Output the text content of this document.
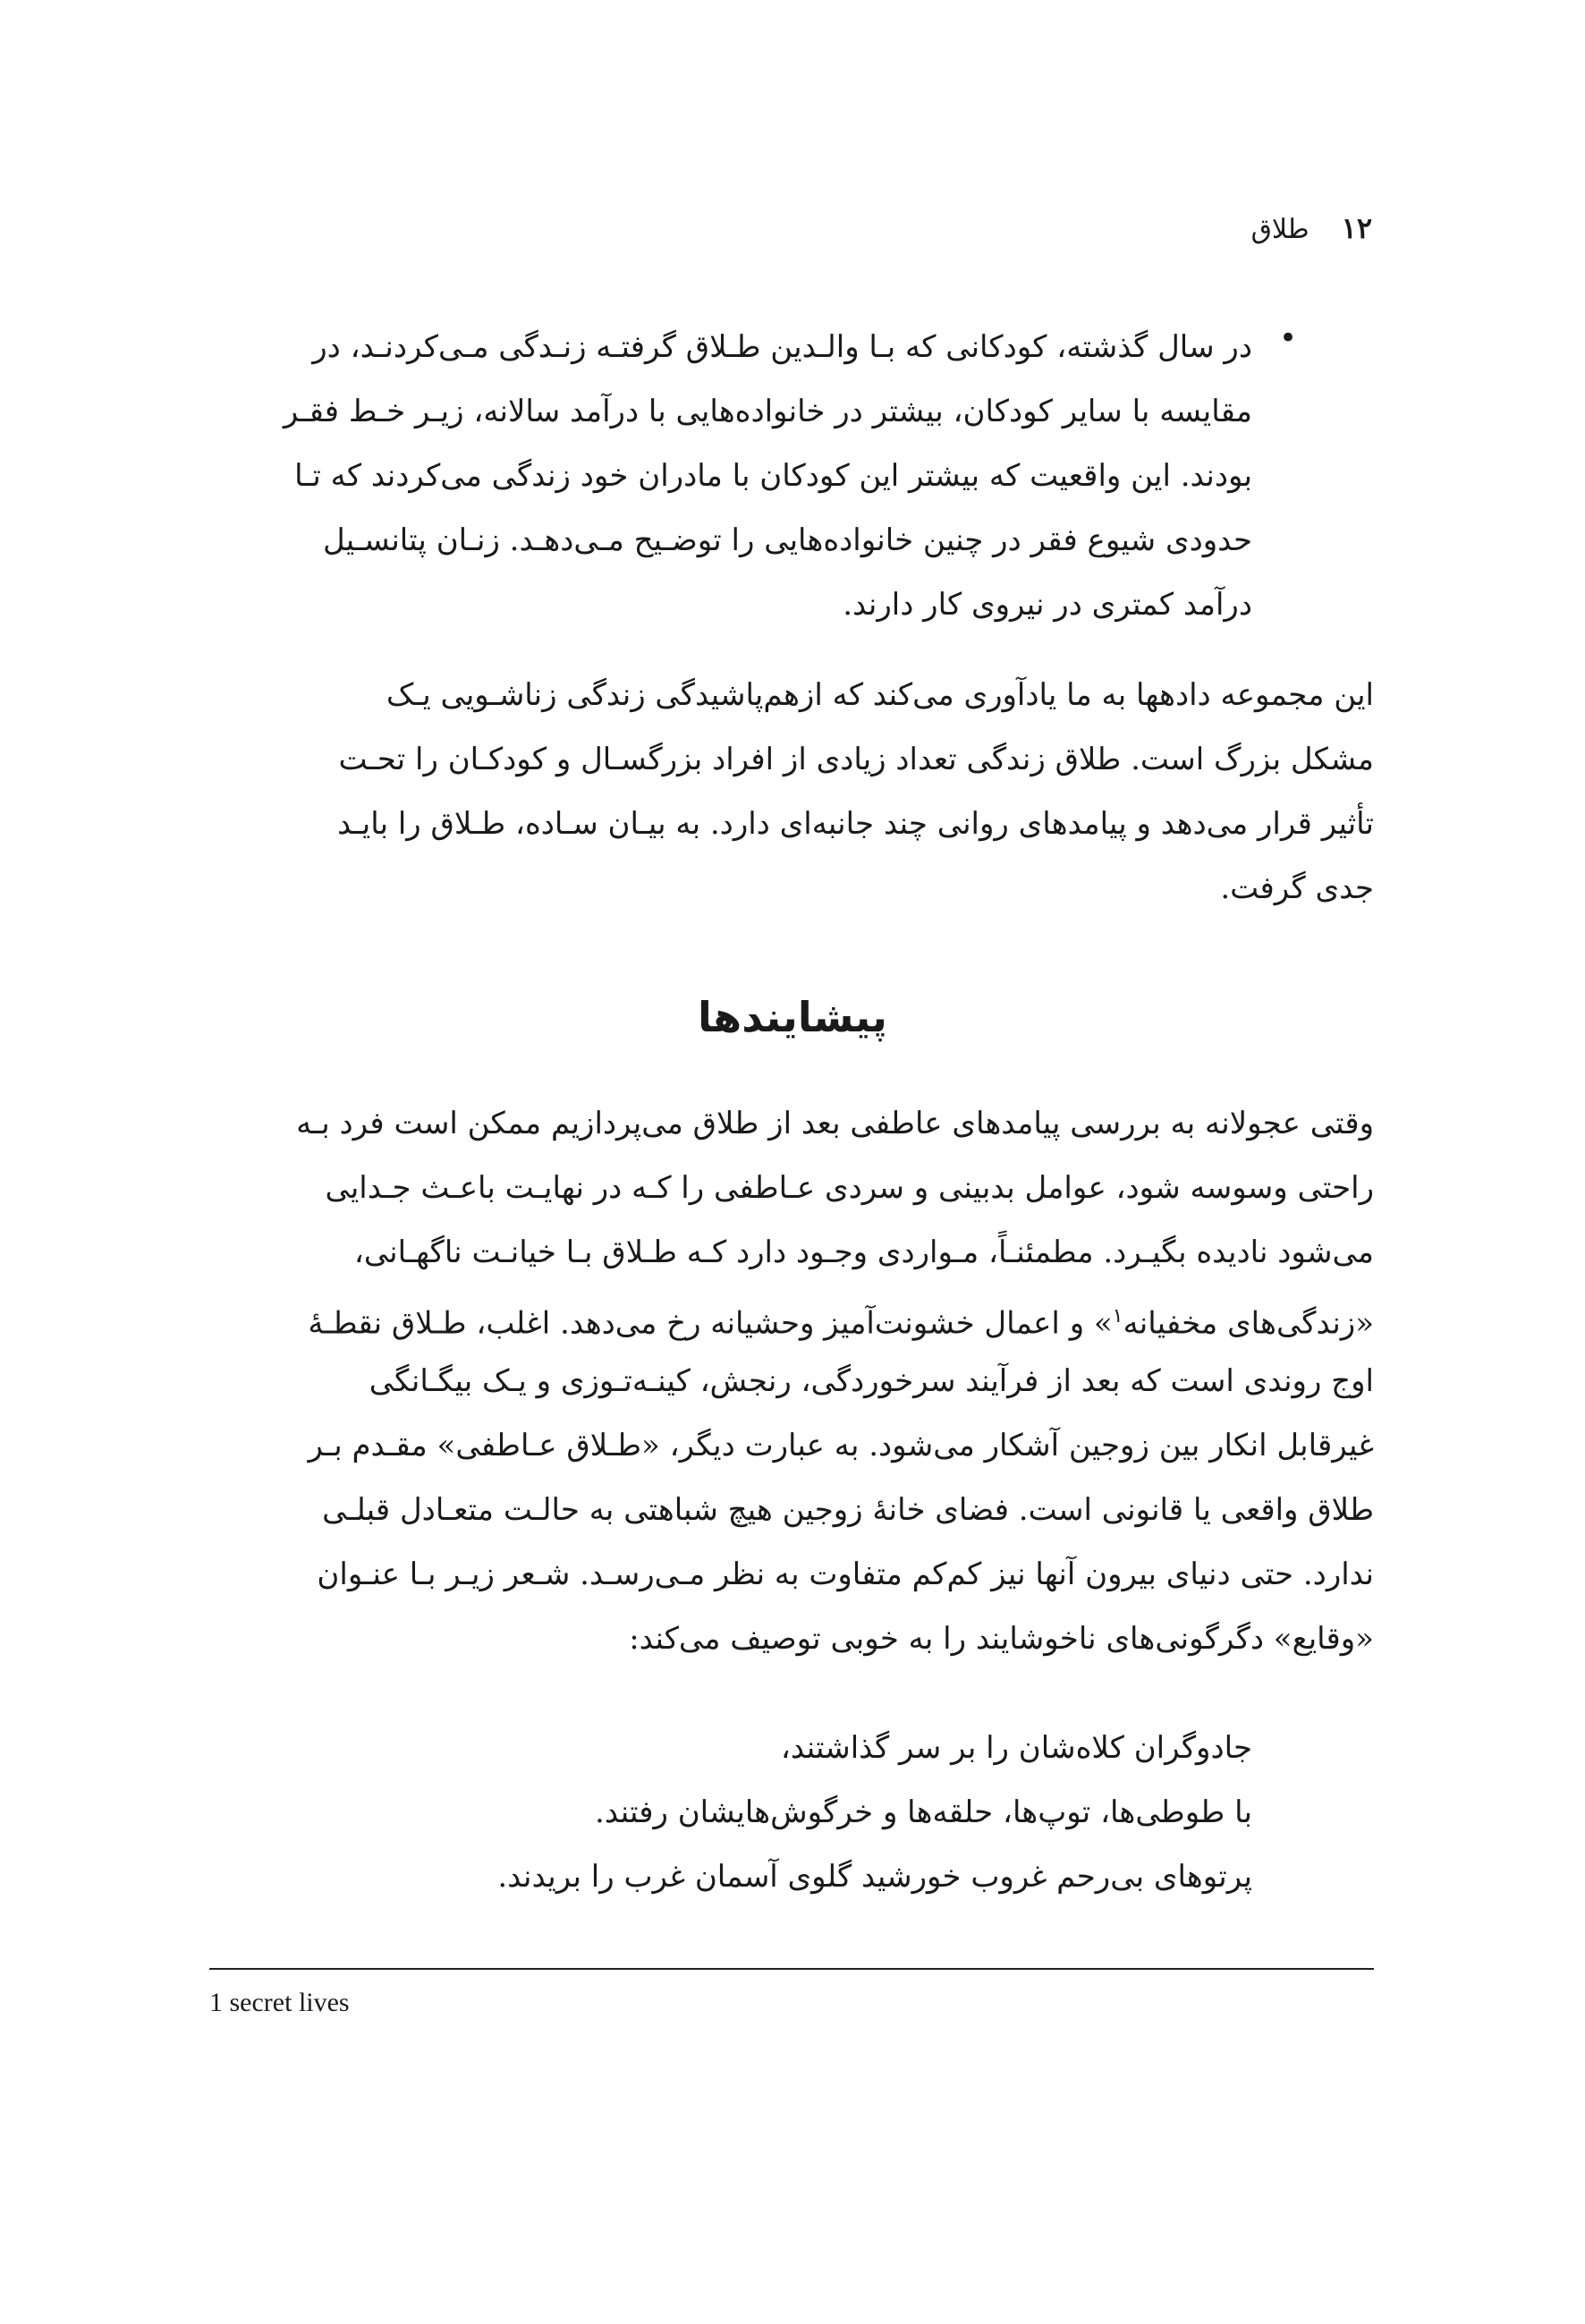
۱۲
طلاق
•
در سال گذشته، کودکانی که بـا والـدین طـلاق گرفتـه زنـدگی مـی‌کردنـد، در
مقایسه با سایر کودکان، بیشتر در خانواده‌هایی با درآمد سالانه، زیـر خـط فقـر
بودند. این واقعیت که بیشتر این کودکان با مادران خود زندگی می‌کردند که تـا
حدودی شیوع فقر در چنین خانواده‌هایی را توضـیح مـی‌دهـد. زنـان پتانسـیل
درآمد کمتری در نیروی کار دارند.
این مجموعه دادهها به ما یادآوری می‌کند که ازهم‌پاشیدگی زندگی زناشـویی یـک
مشکل بزرگ است. طلاق زندگی تعداد زیادی از افراد بزرگسـال و کودکـان را تحـت
تأثیر قرار می‌دهد و پیامدهای روانی چند جانبه‌ای دارد. به بیـان سـاده، طـلاق را بایـد
جدی گرفت.
پیشایندها
وقتی عجولانه به بررسی پیامدهای عاطفی بعد از طلاق می‌پردازیم ممکن است فرد بـه
راحتی وسوسه شود، عوامل بدبینی و سردی عـاطفی را کـه در نهایـت باعـث جـدایی
می‌شود نادیده بگیـرد. مطمئنـاً، مـواردی وجـود دارد کـه طـلاق بـا خیانـت ناگهـانی،
«زندگی‌های مخفیانه$^۱$» و اعمال خشونت‌آمیز وحشیانه رخ می‌دهد. اغلب، طـلاق نقطـهٔ
اوج روندی است که بعد از فرآیند سرخوردگی، رنجش، کینـه‌تـوزی و یـک بیگـانگی
غیرقابل انکار بین زوجین آشکار می‌شود. به عبارت دیگر، «طـلاق عـاطفی» مقـدم بـر
طلاق واقعی یا قانونی است. فضای خانهٔ زوجین هیچ شباهتی به حالـت متعـادل قبلـی
ندارد. حتی دنیای بیرون آنها نیز کم‌کم متفاوت به نظر مـی‌رسـد. شـعر زیـر بـا عنـوان
«وقایع» دگرگونی‌های ناخوشایند را به خوبی توصیف می‌کند:
جادوگران کلاه‌شان را بر سر گذاشتند،
با طوطی‌ها، توپ‌ها، حلقه‌ها و خرگوش‌هایشان رفتند.
پرتوهای بی‌رحم غروب خورشید گلوی آسمان غرب را بریدند.
1 secret lives
